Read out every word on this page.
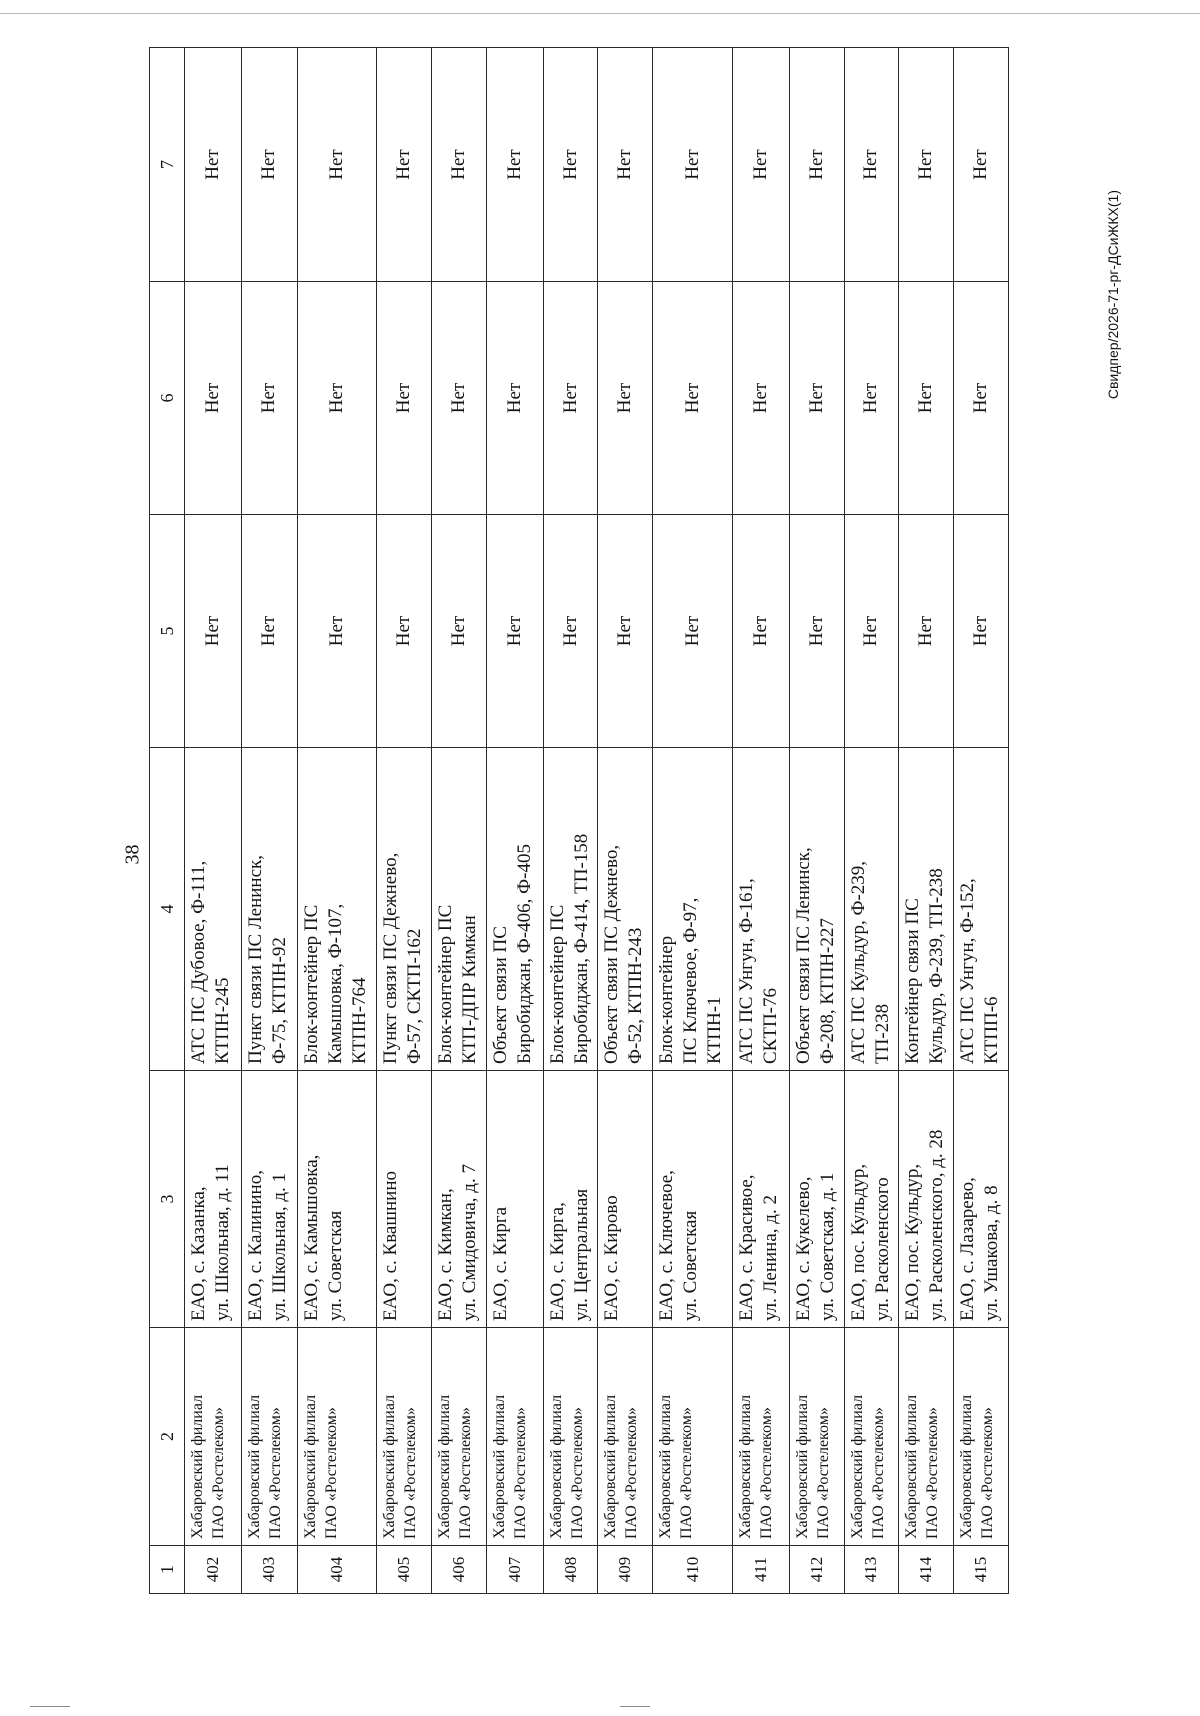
38
Свидпер/2026-71-рг-ДСиЖКХ(1)
1	2	3	4	5	6	7
402	Хабаровский филиал ПАО «Ростелеком»	ЕАО, с. Казанка, ул. Школьная, д. 11	АТС ПС Дубовое, Ф-111, КТПН-245	Нет	Нет	Нет
403	Хабаровский филиал ПАО «Ростелеком»	ЕАО, с. Калинино, ул. Школьная, д. 1	Пункт связи ПС Ленинск, Ф-75, КТПН-92	Нет	Нет	Нет
404	Хабаровский филиал ПАО «Ростелеком»	ЕАО, с. Камышовка, ул. Советская	Блок-контейнер ПС Камышовка, Ф-107, КТПН-764	Нет	Нет	Нет
405	Хабаровский филиал ПАО «Ростелеком»	ЕАО, с. Квашнино	Пункт связи ПС Дежнево, Ф-57, СКТП-162	Нет	Нет	Нет
406	Хабаровский филиал ПАО «Ростелеком»	ЕАО, с. Кимкан, ул. Смидовича, д. 7	Блок-контейнер ПС КТП-ДПР Кимкан	Нет	Нет	Нет
407	Хабаровский филиал ПАО «Ростелеком»	ЕАО, с. Кирга	Объект связи ПС Биробиджан, Ф-406, Ф-405	Нет	Нет	Нет
408	Хабаровский филиал ПАО «Ростелеком»	ЕАО, с. Кирга, ул. Центральная	Блок-контейнер ПС Биробиджан, Ф-414, ТП-158	Нет	Нет	Нет
409	Хабаровский филиал ПАО «Ростелеком»	ЕАО, с. Кирово	Объект связи ПС Дежнево, Ф-52, КТПН-243	Нет	Нет	Нет
410	Хабаровский филиал ПАО «Ростелеком»	ЕАО, с. Ключевое, ул. Советская	Блок-контейнер ПС Ключевое, Ф-97, КТПН-1	Нет	Нет	Нет
411	Хабаровский филиал ПАО «Ростелеком»	ЕАО, с. Красивое, ул. Ленина, д. 2	АТС ПС Унгун, Ф-161, СКТП-76	Нет	Нет	Нет
412	Хабаровский филиал ПАО «Ростелеком»	ЕАО, с. Кукелево, ул. Советская, д. 1	Объект связи ПС Ленинск, Ф-208, КТПН-227	Нет	Нет	Нет
413	Хабаровский филиал ПАО «Ростелеком»	ЕАО, пос. Кульдур, ул. Расколенского	АТС ПС Кульдур, Ф-239, ТП-238	Нет	Нет	Нет
414	Хабаровский филиал ПАО «Ростелеком»	ЕАО, пос. Кульдур, ул. Расколенского, д. 28	Контейнер связи ПС Кульдур, Ф-239, ТП-238	Нет	Нет	Нет
415	Хабаровский филиал ПАО «Ростелеком»	ЕАО, с. Лазарево, ул. Ушакова, д. 8	АТС ПС Унгун, Ф-152, КТПП-6	Нет	Нет	Нет
